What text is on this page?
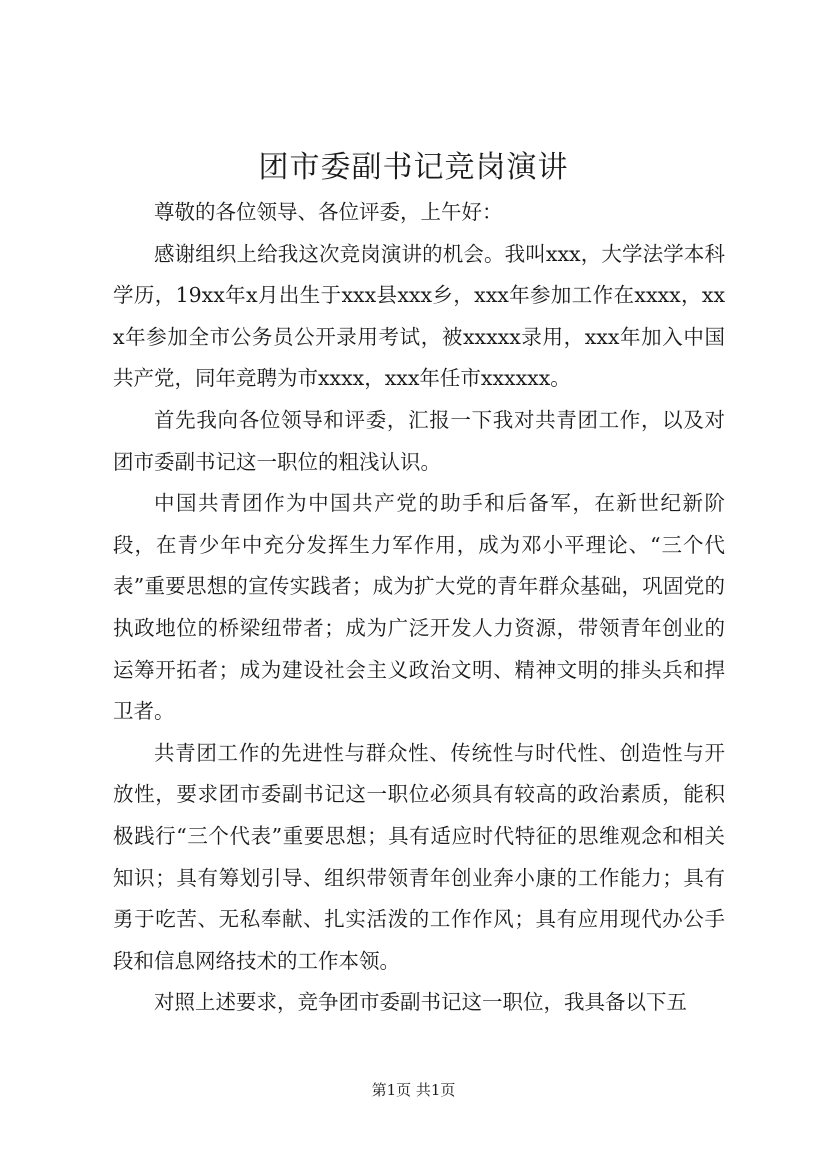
团市委副书记竞岗演讲

尊敬的各位领导、各位评委，上午好：

感谢组织上给我这次竞岗演讲的机会。我叫xxx，大学法学本科学历，19xx年x月出生于xxx县xxx乡，xxx年参加工作在xxxx，xxx年参加全市公务员公开录用考试，被xxxxx录用，xxx年加入中国共产党，同年竞聘为市xxxx，xxx年任市xxxxxx。

首先我向各位领导和评委，汇报一下我对共青团工作，以及对团市委副书记这一职位的粗浅认识。

中国共青团作为中国共产党的助手和后备军，在新世纪新阶段，在青少年中充分发挥生力军作用，成为邓小平理论、“三个代表”重要思想的宣传实践者；成为扩大党的青年群众基础，巩固党的执政地位的桥梁纽带者；成为广泛开发人力资源，带领青年创业的运筹开拓者；成为建设社会主义政治文明、精神文明的排头兵和捍卫者。

共青团工作的先进性与群众性、传统性与时代性、创造性与开放性，要求团市委副书记这一职位必须具有较高的政治素质，能积极践行“三个代表”重要思想；具有适应时代特征的思维观念和相关知识；具有筹划引导、组织带领青年创业奔小康的工作能力；具有勇于吃苦、无私奉献、扎实活泼的工作作风；具有应用现代办公手段和信息网络技术的工作本领。

对照上述要求，竞争团市委副书记这一职位，我具备以下五

第1页 共1页
